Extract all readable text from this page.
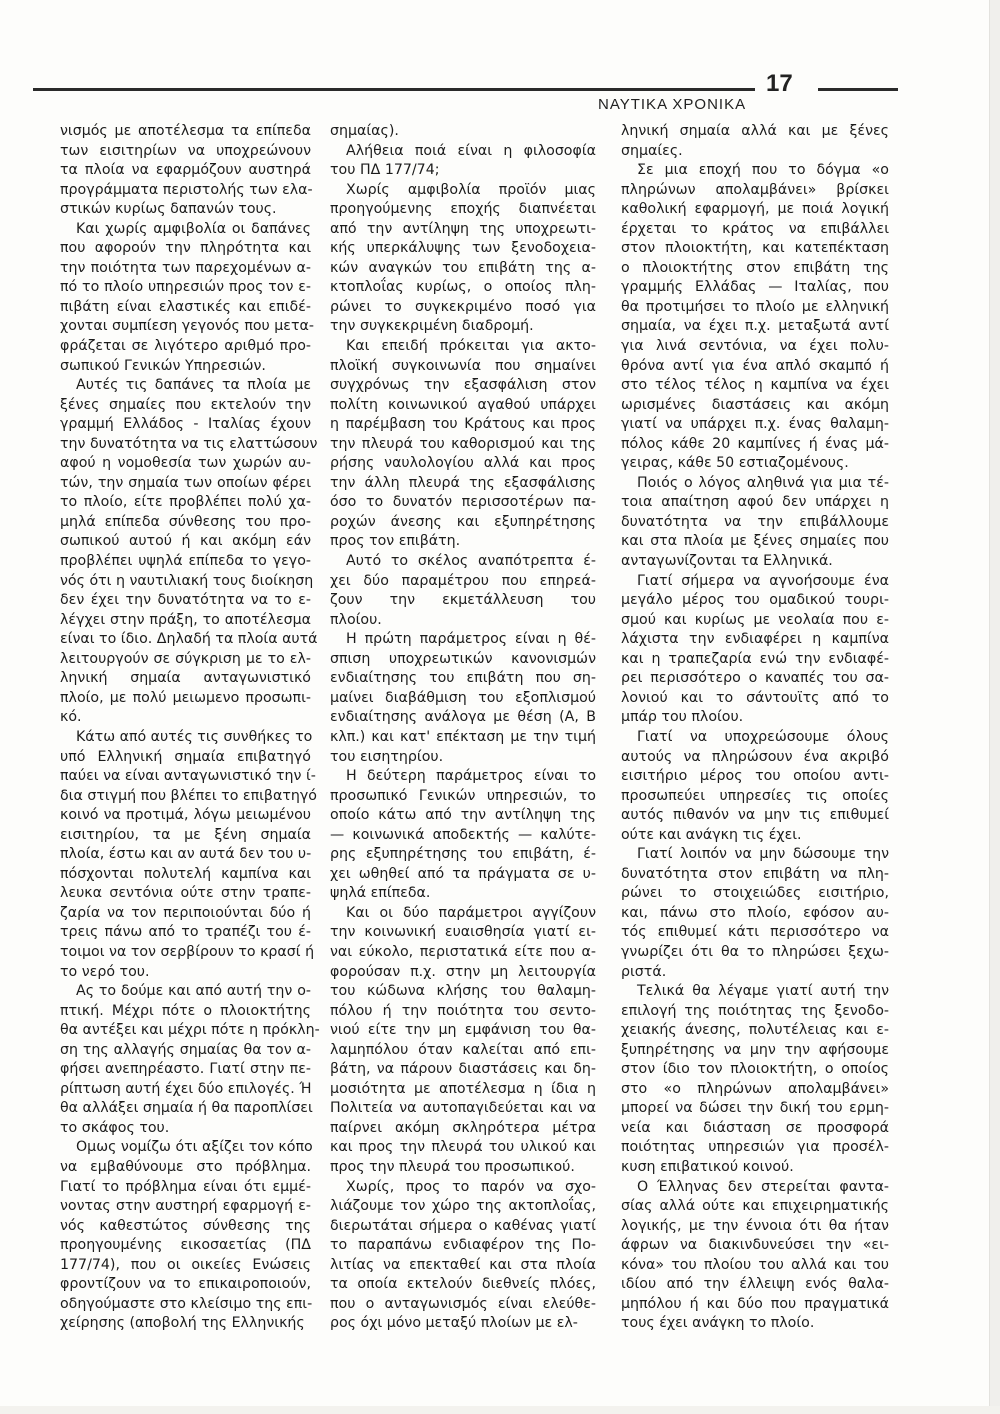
17
ΝΑΥΤΙΚΑ ΧΡΟΝΙΚΑ
νισμός με αποτέλεσμα τα επίπεδα
των εισιτηρίων να υποχρεώνουν
τα πλοία να εφαρμόζουν αυστηρά
προγράμματα περιστολής των ελα-
στικών κυρίως δαπανών τους.
Και χωρίς αμφιβολία οι δαπάνες
που αφορούν την πληρότητα και
την ποιότητα των παρεχομένων α-
πό το πλοίο υπηρεσιών προς τον ε-
πιβάτη είναι ελαστικές και επιδέ-
χονται συμπίεση γεγονός που μετα-
φράζεται σε λιγότερο αριθμό προ-
σωπικού Γενικών Υπηρεσιών.
Αυτές τις δαπάνες τα πλοία με
ξένες σημαίες που εκτελούν την
γραμμή Ελλάδος - Ιταλίας έχουν
την δυνατότητα να τις ελαττώσουν
αφού η νομοθεσία των χωρών αυ-
τών, την σημαία των οποίων φέρει
το πλοίο, είτε προβλέπει πολύ χα-
μηλά επίπεδα σύνθεσης του προ-
σωπικού αυτού ή και ακόμη εάν
προβλέπει υψηλά επίπεδα το γεγο-
νός ότι η ναυτιλιακή τους διοίκηση
δεν έχει την δυνατότητα να το ε-
λέγχει στην πράξη, το αποτέλεσμα
είναι το ίδιο. Δηλαδή τα πλοία αυτά
λειτουργούν σε σύγκριση με το ελ-
ληνική σημαία ανταγωνιστικό
πλοίο, με πολύ μειωμενο προσωπι-
κό.
Κάτω από αυτές τις συνθήκες το
υπό Ελληνική σημαία επιβατηγό
παύει να είναι ανταγωνιστικό την ί-
δια στιγμή που βλέπει το επιβατηγό
κοινό να προτιμά, λόγω μειωμένου
εισιτηρίου, τα με ξένη σημαία
πλοία, έστω και αν αυτά δεν του υ-
πόσχονται πολυτελή καμπίνα και
λευκα σεντόνια ούτε στην τραπε-
ζαρία να τον περιποιούνται δύο ή
τρεις πάνω από το τραπέζι του έ-
τοιμοι να τον σερβίρουν το κρασί ή
το νερό του.
Ας το δούμε και από αυτή την ο-
πτική. Μέχρι πότε ο πλοιοκτήτης
θα αντέξει και μέχρι πότε η πρόκλη-
ση της αλλαγής σημαίας θα τον α-
φήσει ανεπηρέαστο. Γιατί στην πε-
ρίπτωση αυτή έχει δύο επιλογές. Ή
θα αλλάξει σημαία ή θα παροπλίσει
το σκάφος του.
Ομως νομίζω ότι αξίζει τον κόπο
να εμβαθύνουμε στο πρόβλημα.
Γιατί το πρόβλημα είναι ότι εμμέ-
νοντας στην αυστηρή εφαρμογή ε-
νός καθεστώτος σύνθεσης της
προηγουμένης εικοσαετίας (ΠΔ
177/74), που οι οικείες Ενώσεις
φροντίζουν να το επικαιροποιούν,
οδηγούμαστε στο κλείσιμο της επι-
χείρησης (αποβολή της Ελληνικής
σημαίας).
Αλήθεια ποιά είναι η φιλοσοφία
του ΠΔ 177/74;
Χωρίς αμφιβολία προϊόν μιας
προηγούμενης εποχής διαπνέεται
από την αντίληψη της υποχρεωτι-
κής υπερκάλυψης των ξενοδοχεια-
κών αναγκών του επιβάτη της α-
κτοπλοΐας κυρίως, ο οποίος πλη-
ρώνει το συγκεκριμένο ποσό για
την συγκεκριμένη διαδρομή.
Και επειδή πρόκειται για ακτο-
πλοϊκή συγκοινωνία που σημαίνει
συγχρόνως την εξασφάλιση στον
πολίτη κοινωνικού αγαθού υπάρχει
η παρέμβαση του Κράτους και προς
την πλευρά του καθορισμού και της
ρήσης ναυλολογίου αλλά και προς
την άλλη πλευρά της εξασφάλισης
όσο το δυνατόν περισσοτέρων πα-
ροχών άνεσης και εξυπηρέτησης
προς τον επιβάτη.
Αυτό το σκέλος αναπότρεπτα έ-
χει δύο παραμέτρου που επηρεά-
ζουν την εκμετάλλευση του
πλοίου.
Η πρώτη παράμετρος είναι η θέ-
σπιση υποχρεωτικών κανονισμών
ενδιαίτησης του επιβάτη που ση-
μαίνει διαβάθμιση του εξοπλισμού
ενδιαίτησης ανάλογα με θέση (Α, Β
κλπ.) και κατ' επέκταση με την τιμή
του εισητηρίου.
Η δεύτερη παράμετρος είναι το
προσωπικό Γενικών υπηρεσιών, το
οποίο κάτω από την αντίληψη της
— κοινωνικά αποδεκτής — καλύτε-
ρης εξυπηρέτησης του επιβάτη, έ-
χει ωθηθεί από τα πράγματα σε υ-
ψηλά επίπεδα.
Και οι δύο παράμετροι αγγίζουν
την κοινωνική ευαισθησία γιατί ει-
ναι εύκολο, περιστατικά είτε που α-
φορούσαν π.χ. στην μη λειτουργία
του κώδωνα κλήσης του θαλαμη-
πόλου ή την ποιότητα του σεντο-
νιού είτε την μη εμφάνιση του θα-
λαμηπόλου όταν καλείται από επι-
βάτη, να πάρουν διαστάσεις και δη-
μοσιότητα με αποτέλεσμα η ίδια η
Πολιτεία να αυτοπαγιδεύεται και να
παίρνει ακόμη σκληρότερα μέτρα
και προς την πλευρά του υλικού και
προς την πλευρά του προσωπικού.
Χωρίς, προς το παρόν να σχο-
λιάζουμε τον χώρο της ακτοπλοΐας,
διερωτάται σήμερα ο καθένας γιατί
το παραπάνω ενδιαφέρον της Πο-
λιτίας να επεκταθεί και στα πλοία
τα οποία εκτελούν διεθνείς πλόες,
που ο ανταγωνισμός είναι ελεύθε-
ρος όχι μόνο μεταξύ πλοίων με ελ-
ληνική σημαία αλλά και με ξένες
σημαίες.
Σε μια εποχή που το δόγμα «ο
πληρώνων απολαμβάνει» βρίσκει
καθολική εφαρμογή, με ποιά λογική
έρχεται το κράτος να επιβάλλει
στον πλοιοκτήτη, και κατεπέκταση
ο πλοιοκτήτης στον επιβάτη της
γραμμής Ελλάδας — Ιταλίας, που
θα προτιμήσει το πλοίο με ελληνική
σημαία, να έχει π.χ. μεταξωτά αντί
για λινά σεντόνια, να έχει πολυ-
θρόνα αντί για ένα απλό σκαμπό ή
στο τέλος τέλος η καμπίνα να έχει
ωρισμένες διαστάσεις και ακόμη
γιατί να υπάρχει π.χ. ένας θαλαμη-
πόλος κάθε 20 καμπίνες ή ένας μά-
γειρας, κάθε 50 εστιαζομένους.
Ποιός ο λόγος αληθινά για μια τέ-
τοια απαίτηση αφού δεν υπάρχει η
δυνατότητα να την επιβάλλουμε
και στα πλοία με ξένες σημαίες που
ανταγωνίζονται τα Ελληνικά.
Γιατί σήμερα να αγνοήσουμε ένα
μεγάλο μέρος του ομαδικού τουρι-
σμού και κυρίως με νεολαία που ε-
λάχιστα την ενδιαφέρει η καμπίνα
και η τραπεζαρία ενώ την ενδιαφέ-
ρει περισσότερο ο καναπές του σα-
λονιού και το σάντουϊτς από το
μπάρ του πλοίου.
Γιατί να υποχρεώσουμε όλους
αυτούς να πληρώσουν ένα ακριβό
εισιτήριο μέρος του οποίου αντι-
προσωπεύει υπηρεσίες τις οποίες
αυτός πιθανόν να μην τις επιθυμεί
ούτε και ανάγκη τις έχει.
Γιατί λοιπόν να μην δώσουμε την
δυνατότητα στον επιβάτη να πλη-
ρώνει το στοιχειώδες εισιτήριο,
και, πάνω στο πλοίο, εφόσον αυ-
τός επιθυμεί κάτι περισσότερο να
γνωρίζει ότι θα το πληρώσει ξεχω-
ριστά.
Τελικά θα λέγαμε γιατί αυτή την
επιλογή της ποιότητας της ξενοδο-
χειακής άνεσης, πολυτέλειας και ε-
ξυπηρέτησης να μην την αφήσουμε
στον ίδιο τον πλοιοκτήτη, ο οποίος
στο «ο πληρώνων απολαμβάνει»
μπορεί να δώσει την δική του ερμη-
νεία και διάσταση σε προσφορά
ποιότητας υπηρεσιών για προσέλ-
κυση επιβατικού κοινού.
Ο Έλληνας δεν στερείται φαντα-
σίας αλλά ούτε και επιχειρηματικής
λογικής, με την έννοια ότι θα ήταν
άφρων να διακινδυνεύσει την «ει-
κόνα» του πλοίου του αλλά και του
ιδίου από την έλλειψη ενός θαλα-
μηπόλου ή και δύο που πραγματικά
τους έχει ανάγκη το πλοίο.
